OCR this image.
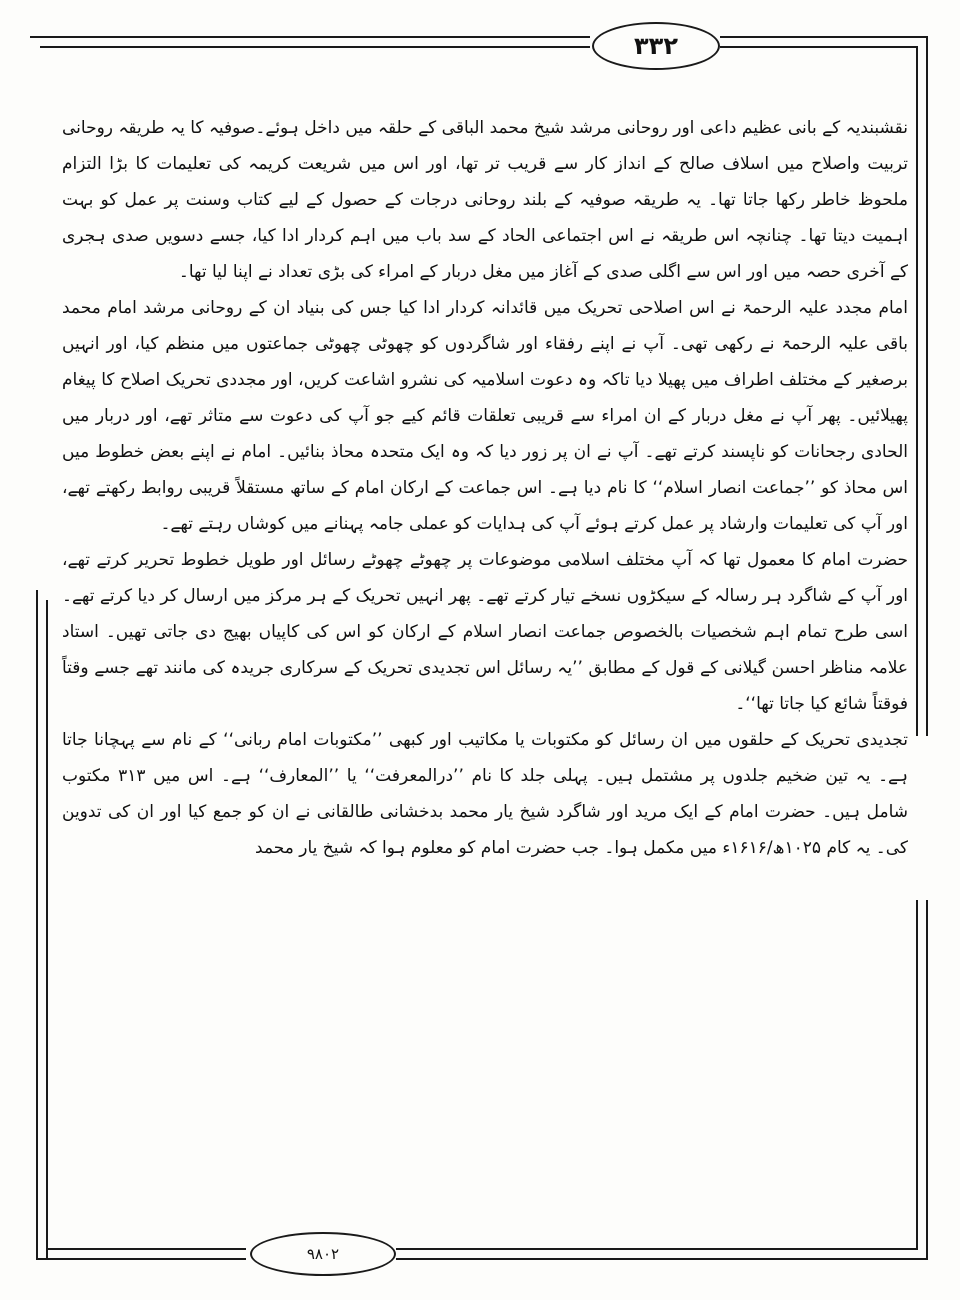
۳۳۲

نقشبندیہ کے بانی عظیم داعی اور روحانی مرشد شیخ محمد الباقی کے حلقہ میں داخل ہوئے۔صوفیہ کا یہ طریقہ روحانی تربیت واصلاح میں اسلاف صالح کے انداز کار سے قریب تر تھا، اور اس میں شریعت کریمہ کی تعلیمات کا بڑا التزام ملحوظ خاطر رکھا جاتا تھا۔ یہ طریقہ صوفیہ کے بلند روحانی درجات کے حصول کے لیے کتاب وسنت پر عمل کو بہت اہمیت دیتا تھا۔ چنانچہ اس طریقہ نے اس اجتماعی الحاد کے سد باب میں اہم کردار ادا کیا، جسے دسویں صدی ہجری کے آخری حصہ میں اور اس سے اگلی صدی کے آغاز میں مغل دربار کے امراء کی بڑی تعداد نے اپنا لیا تھا۔

امام مجدد علیہ الرحمۃ نے اس اصلاحی تحریک میں قائدانہ کردار ادا کیا جس کی بنیاد ان کے روحانی مرشد امام محمد باقی علیہ الرحمۃ نے رکھی تھی۔ آپ نے اپنے رفقاء اور شاگردوں کو چھوٹی چھوٹی جماعتوں میں منظم کیا، اور انہیں برصغیر کے مختلف اطراف میں پھیلا دیا تاکہ وہ دعوت اسلامیہ کی نشرو اشاعت کریں، اور مجددی تحریک اصلاح کا پیغام پھیلائیں۔ پھر آپ نے مغل دربار کے ان امراء سے قریبی تعلقات قائم کیے جو آپ کی دعوت سے متاثر تھے، اور دربار میں الحادی رجحانات کو ناپسند کرتے تھے۔ آپ نے ان پر زور دیا کہ وہ ایک متحدہ محاذ بنائیں۔ امام نے اپنے بعض خطوط میں اس محاذ کو ’’جماعت انصار اسلام‘‘ کا نام دیا ہے۔ اس جماعت کے ارکان امام کے ساتھ مستقلاً قریبی روابط رکھتے تھے، اور آپ کی تعلیمات وارشاد پر عمل کرتے ہوئے آپ کی ہدایات کو عملی جامہ پہنانے میں کوشاں رہتے تھے۔

حضرت امام کا معمول تھا کہ آپ مختلف اسلامی موضوعات پر چھوٹے چھوٹے رسائل اور طویل خطوط تحریر کرتے تھے، اور آپ کے شاگرد ہر رسالہ کے سیکڑوں نسخے تیار کرتے تھے۔ پھر انہیں تحریک کے ہر مرکز میں ارسال کر دیا کرتے تھے۔ اسی طرح تمام اہم شخصیات بالخصوص جماعت انصار اسلام کے ارکان کو اس کی کاپیاں بھیج دی جاتی تھیں۔ استاد علامہ مناظر احسن گیلانی کے قول کے مطابق ’’یہ رسائل اس تجدیدی تحریک کے سرکاری جریدہ کی مانند تھے جسے وقتاً فوقتاً شائع کیا جاتا تھا‘‘۔

تجدیدی تحریک کے حلقوں میں ان رسائل کو مکتوبات یا مکاتیب اور کبھی ’’مکتوبات امام ربانی‘‘ کے نام سے پہچانا جاتا ہے۔ یہ تین ضخیم جلدوں پر مشتمل ہیں۔ پہلی جلد کا نام ’’درالمعرفت‘‘ یا ’’المعارف‘‘ ہے۔ اس میں ۳۱۳ مکتوب شامل ہیں۔ حضرت امام کے ایک مرید اور شاگرد شیخ یار محمد بدخشانی طالقانی نے ان کو جمع کیا اور ان کی تدوین کی۔ یہ کام ۱۰۲۵ھ/۱۶۱۶ء میں مکمل ہوا۔ جب حضرت امام کو معلوم ہوا کہ شیخ یار محمد

۹۸۰۲
